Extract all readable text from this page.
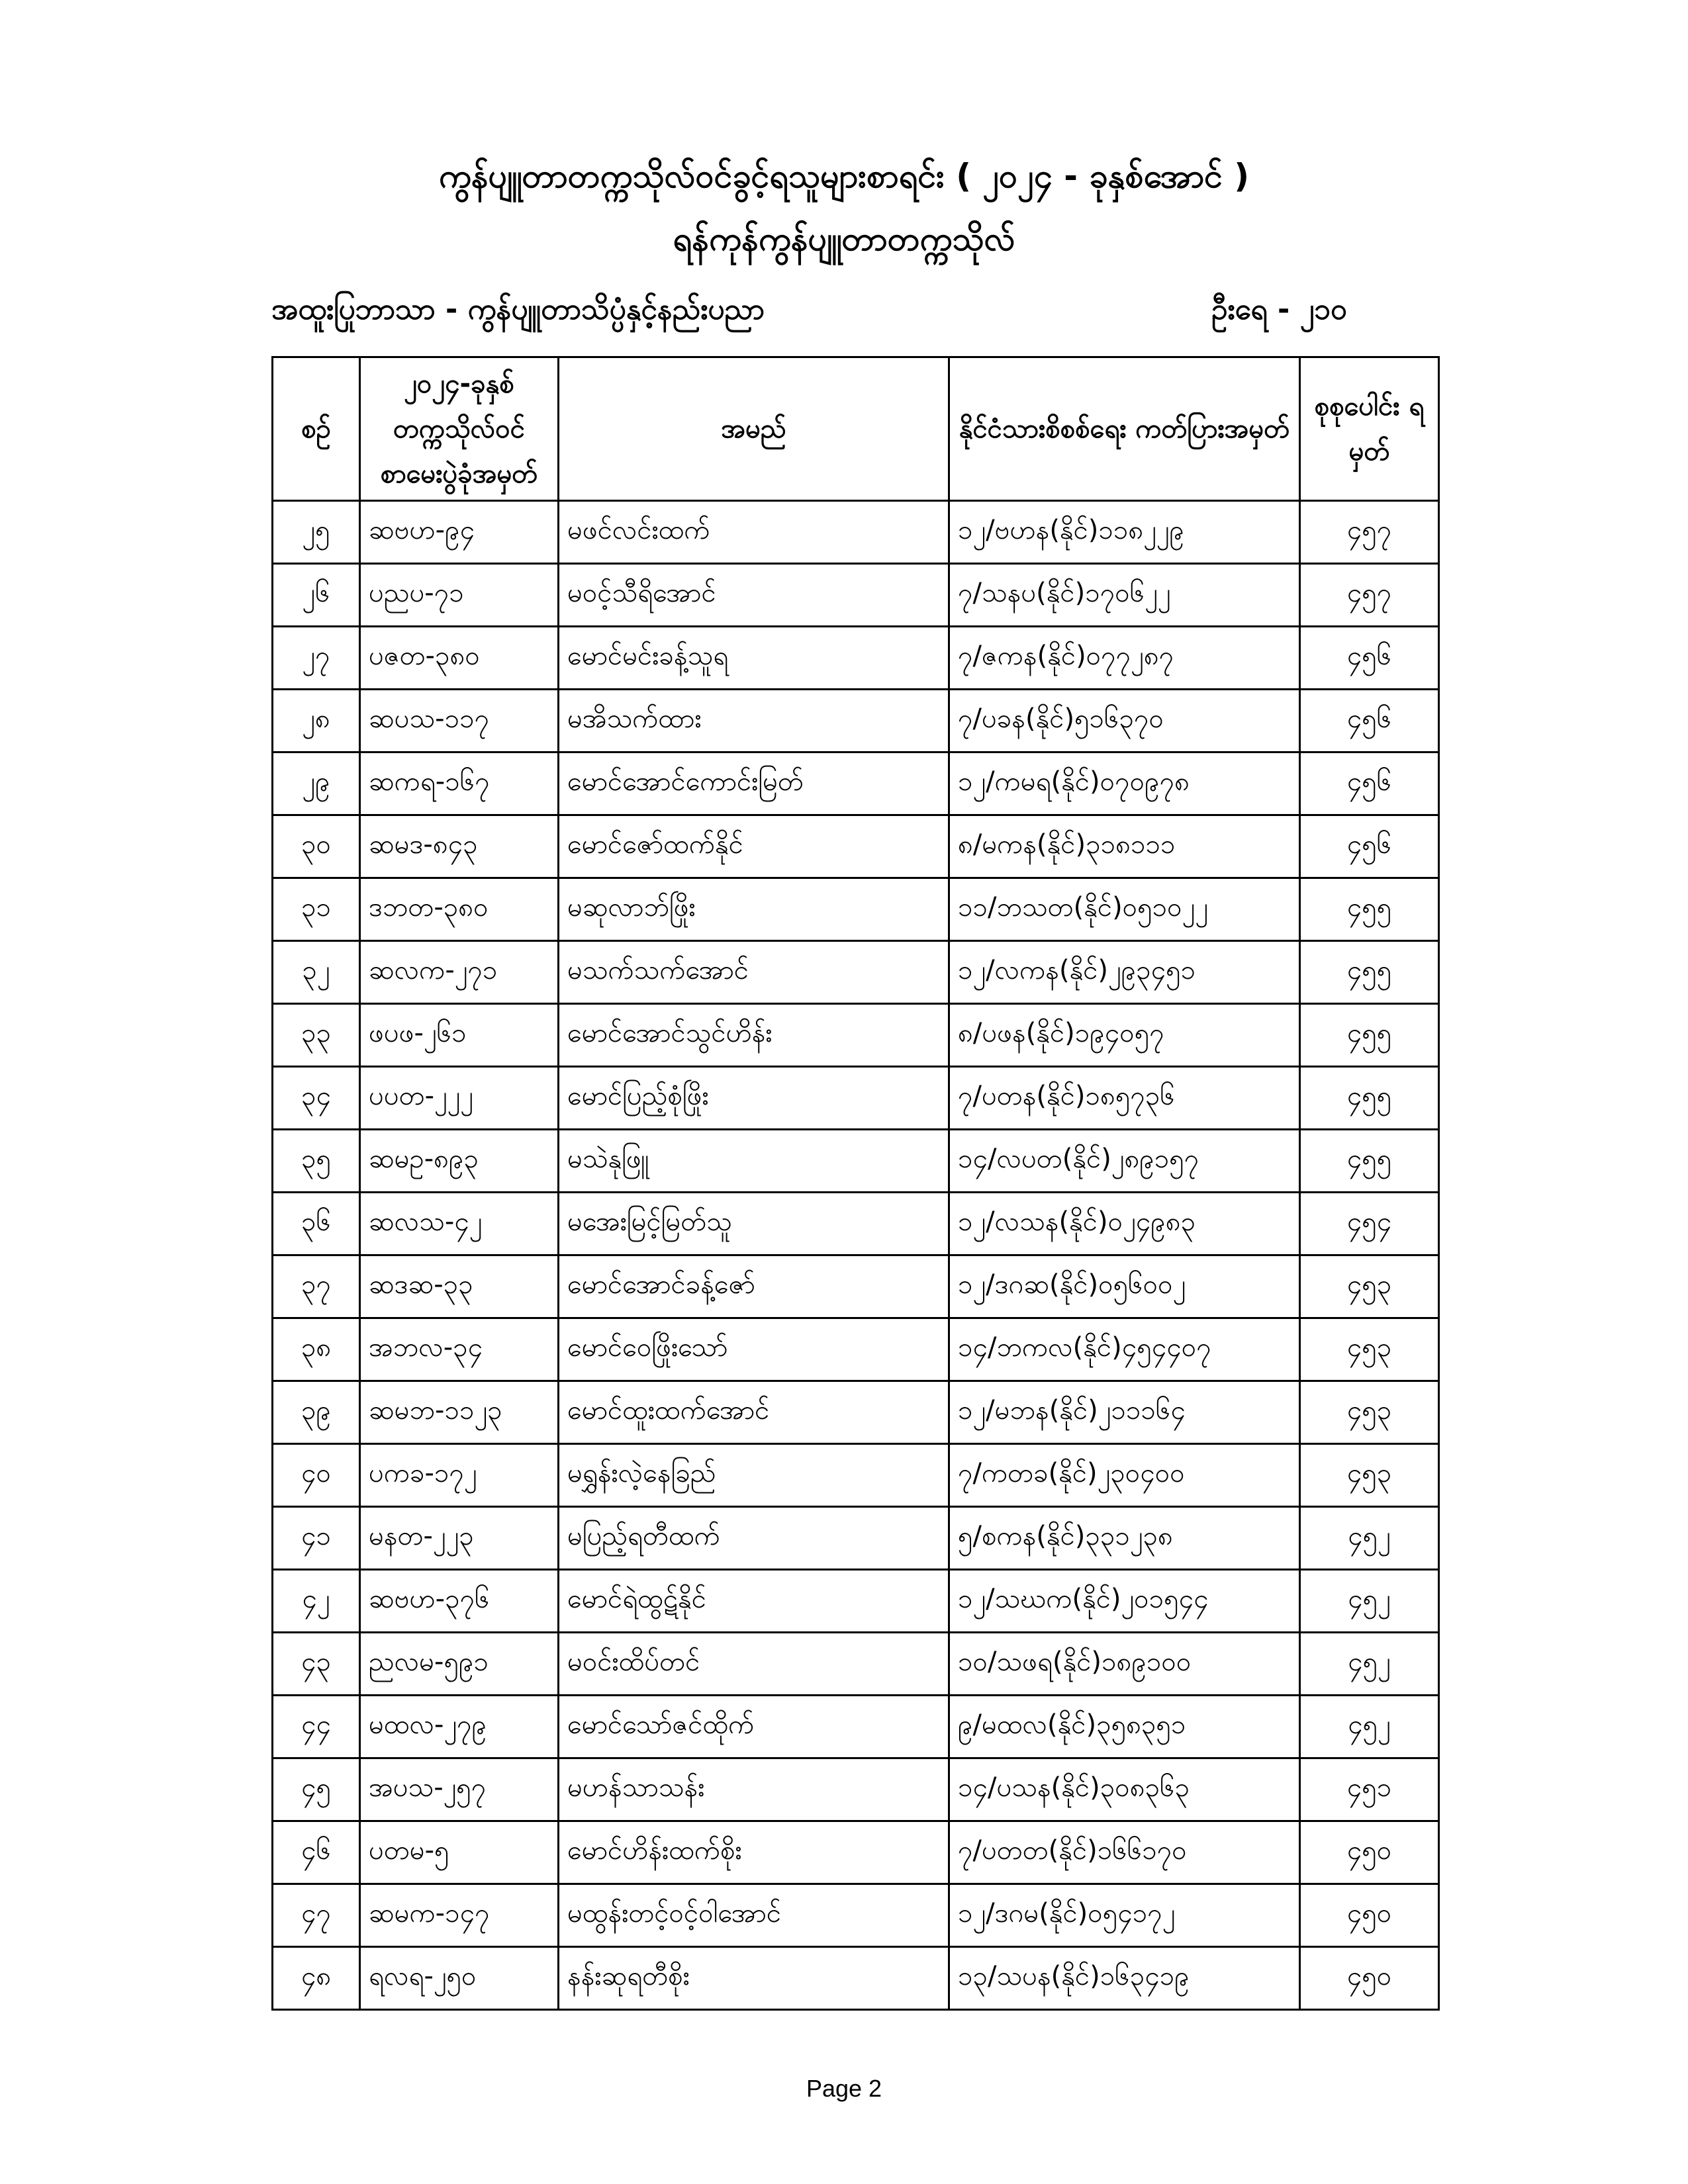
ကွန်ပျူတာတက္ကသိုလ်ဝင်ခွင့်ရသူများစာရင်း ( ၂၀၂၄ - ခုနှစ်အောင် )
ရန်ကုန်ကွန်ပျူတာတက္ကသိုလ်
အထူးပြုဘာသာ - ကွန်ပျူတာသိပ္ပံနှင့်နည်းပညာ	ဦးရေ - ၂၁၀
စဉ်	၂၀၂၄-ခုနှစ် တက္ကသိုလ်ဝင် စာမေးပွဲခုံအမှတ်	အမည်	နိုင်ငံသားစိစစ်ရေး ကတ်ပြားအမှတ်	စုစုပေါင်း ရမှတ်
၂၅	ဆဗဟ-၉၄	မဖင်လင်းထက်	၁၂/ဗဟန(နိုင်)၁၁၈၂၂၉	၄၅၇
၂၆	ပညပ-၇၁	မဝင့်သီရိအောင်	၇/သနပ(နိုင်)၁၇၀၆၂၂	၄၅၇
၂၇	ပဇတ-၃၈၀	မောင်မင်းခန့်သူရ	၇/ဇကန(နိုင်)၀၇၇၂၈၇	၄၅၆
၂၈	ဆပသ-၁၁၇	မအိသက်ထား	၇/ပခန(နိုင်)၅၁၆၃၇၀	၄၅၆
၂၉	ဆကရ-၁၆၇	မောင်အောင်ကောင်းမြတ်	၁၂/ကမရ(နိုင်)၀၇၀၉၇၈	၄၅၆
၃၀	ဆမဒ-၈၄၃	မောင်ဇော်ထက်နိုင်	၈/မကန(နိုင်)၃၁၈၁၁၁	၄၅၆
၃၁	ဒဘတ-၃၈၀	မဆုလာဘ်ဖြိုး	၁၁/ဘသတ(နိုင်)၀၅၁၀၂၂	၄၅၅
၃၂	ဆလက-၂၇၁	မသက်သက်အောင်	၁၂/လကန(နိုင်)၂၉၃၄၅၁	၄၅၅
၃၃	ဖပဖ-၂၆၁	မောင်အောင်သွင်ဟိန်း	၈/ပဖန(နိုင်)၁၉၄၀၅၇	၄၅၅
၃၄	ပပတ-၂၂၂	မောင်ပြည့်စုံဖြိုး	၇/ပတန(နိုင်)၁၈၅၇၃၆	၄၅၅
၃၅	ဆမဥ-၈၉၃	မသဲနုဖြူ	၁၄/လပတ(နိုင်)၂၈၉၁၅၇	၄၅၅
၃၆	ဆလသ-၄၂	မအေးမြင့်မြတ်သူ	၁၂/လသန(နိုင်)၀၂၄၉၈၃	၄၅၄
၃၇	ဆဒဆ-၃၃	မောင်အောင်ခန့်ဇော်	၁၂/ဒဂဆ(နိုင်)၀၅၆၀၀၂	၄၅၃
၃၈	အဘလ-၃၄	မောင်ဝေဖြိုးသော်	၁၄/ဘကလ(နိုင်)၄၅၄၄၀၇	၄၅၃
၃၉	ဆမဘ-၁၁၂၃	မောင်ထူးထက်အောင်	၁၂/မဘန(နိုင်)၂၁၁၁၆၄	၄၅၃
၄၀	ပကခ-၁၇၂	မရွှန်းလဲ့နေခြည်	၇/ကတခ(နိုင်)၂၃၀၄၀၀	၄၅၃
၄၁	မနတ-၂၂၃	မပြည့်ရတီထက်	၅/စကန(နိုင်)၃၃၁၂၃၈	၄၅၂
၄၂	ဆဗဟ-၃၇၆	မောင်ရဲထွဋ်နိုင်	၁၂/သဃက(နိုင်)၂၀၁၅၄၄	၄၅၂
၄၃	ညလမ-၅၉၁	မဝင်းထိပ်တင်	၁၀/သဖရ(နိုင်)၁၈၉၁၀၀	၄၅၂
၄၄	မထလ-၂၇၉	မောင်သော်ဇင်ထိုက်	၉/မထလ(နိုင်)၃၅၈၃၅၁	၄၅၂
၄၅	အပသ-၂၅၇	မဟန်သာသန်း	၁၄/ပသန(နိုင်)၃၀၈၃၆၃	၄၅၁
၄၆	ပတမ-၅	မောင်ဟိန်းထက်စိုး	၇/ပတတ(နိုင်)၁၆၆၁၇၀	၄၅၀
၄၇	ဆမက-၁၄၇	မထွန်းတင့်ဝင့်ဝါအောင်	၁၂/ဒဂမ(နိုင်)၀၅၄၁၇၂	၄၅၀
၄၈	ရလရ-၂၅၀	နန်းဆုရတီစိုး	၁၃/သပန(နိုင်)၁၆၃၄၁၉	၄၅၀
Page 2
